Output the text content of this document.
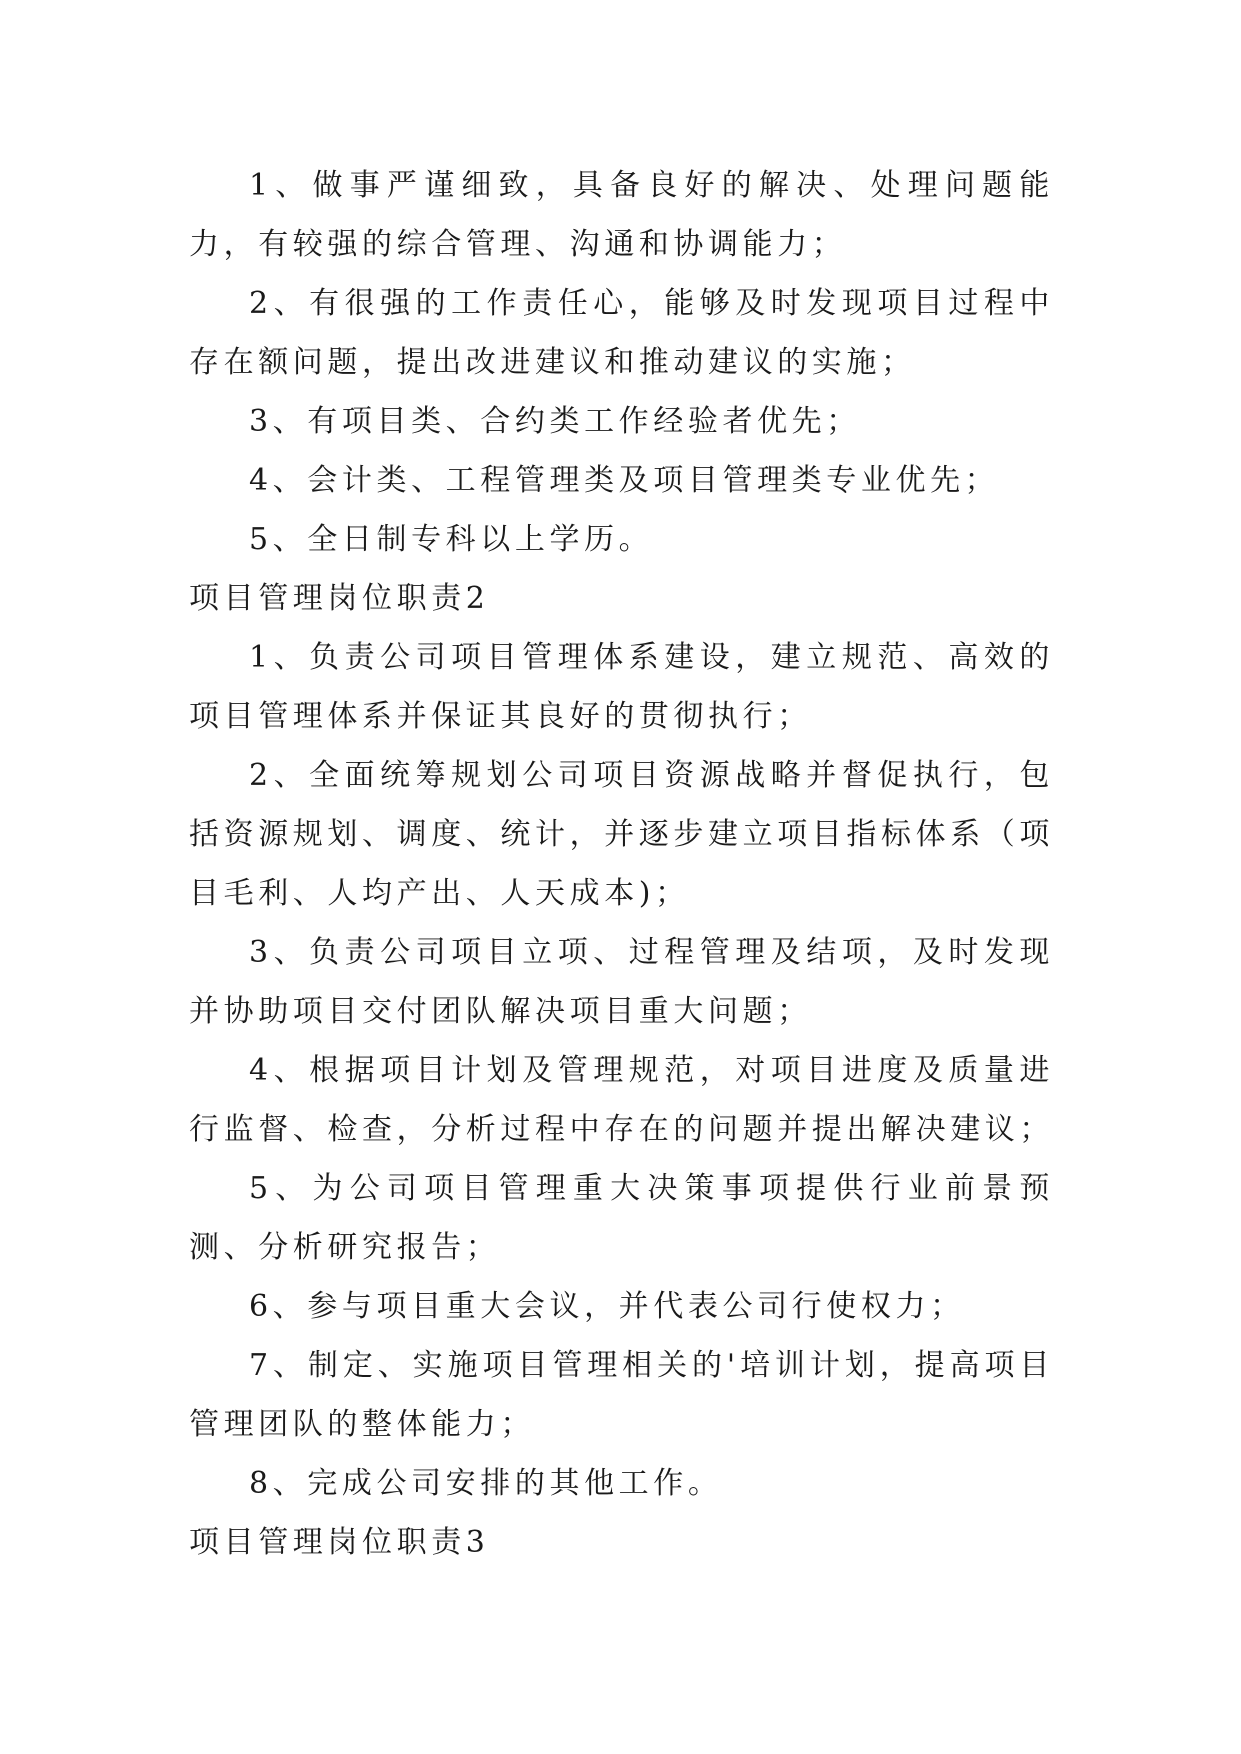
1、做事严谨细致，具备良好的解决、处理问题能力，有较强的综合管理、沟通和协调能力；

2、有很强的工作责任心，能够及时发现项目过程中存在额问题，提出改进建议和推动建议的实施；

3、有项目类、合约类工作经验者优先；

4、会计类、工程管理类及项目管理类专业优先；

5、全日制专科以上学历。

项目管理岗位职责2

1、负责公司项目管理体系建设，建立规范、高效的项目管理体系并保证其良好的贯彻执行；

2、全面统筹规划公司项目资源战略并督促执行，包括资源规划、调度、统计，并逐步建立项目指标体系（项目毛利、人均产出、人天成本)；

3、负责公司项目立项、过程管理及结项，及时发现并协助项目交付团队解决项目重大问题；

4、根据项目计划及管理规范，对项目进度及质量进行监督、检查，分析过程中存在的问题并提出解决建议；

5、为公司项目管理重大决策事项提供行业前景预测、分析研究报告；

6、参与项目重大会议，并代表公司行使权力；

7、制定、实施项目管理相关的'培训计划，提高项目管理团队的整体能力；

8、完成公司安排的其他工作。

项目管理岗位职责3
